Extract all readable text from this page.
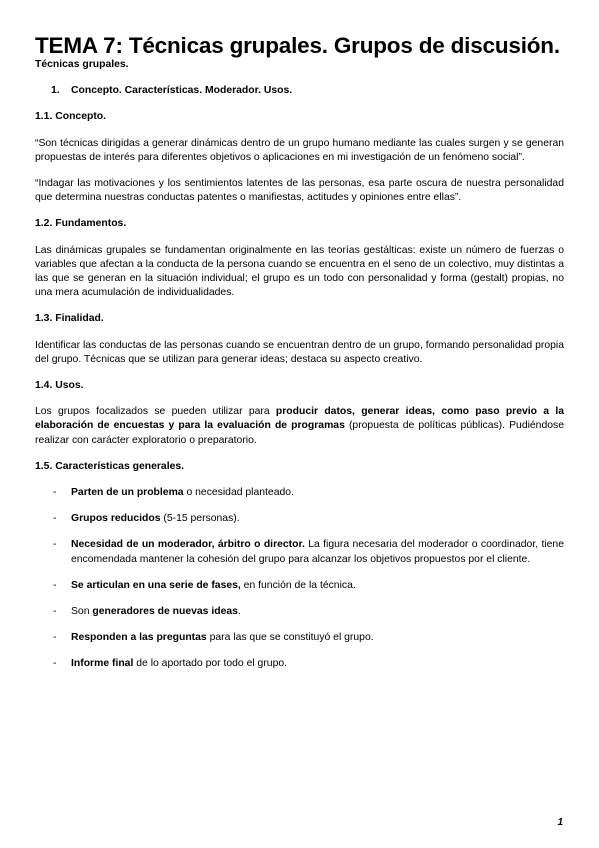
TEMA 7: Técnicas grupales. Grupos de discusión.
Técnicas grupales.
1. Concepto. Características. Moderador. Usos.
1.1. Concepto.

“Son técnicas dirigidas a generar dinámicas dentro de un grupo humano mediante las cuales surgen y se generan propuestas de interés para diferentes objetivos o aplicaciones en mi investigación de un fenómeno social”.

“Indagar las motivaciones y los sentimientos latentes de las personas, esa parte oscura de nuestra personalidad que determina nuestras conductas patentes o manifiestas, actitudes y opiniones entre ellas”.

1.2. Fundamentos.

Las dinámicas grupales se fundamentan originalmente en las teorías gestálticas: existe un número de fuerzas o variables que afectan a la conducta de la persona cuando se encuentra en el seno de un colectivo, muy distintas a las que se generan en la situación individual; el grupo es un todo con personalidad y forma (gestalt) propias, no una mera acumulación de individualidades.

1.3. Finalidad.

Identificar las conductas de las personas cuando se encuentran dentro de un grupo, formando personalidad propia del grupo. Técnicas que se utilizan para generar ideas; destaca su aspecto creativo.

1.4. Usos.

Los grupos focalizados se pueden utilizar para producir datos, generar ideas, como paso previo a la elaboración de encuestas y para la evaluación de programas (propuesta de políticas públicas). Pudiéndose realizar con carácter exploratorio o preparatorio.

1.5. Características generales.
- Parten de un problema o necesidad planteado.
- Grupos reducidos (5-15 personas).
- Necesidad de un moderador, árbitro o director. La figura necesaria del moderador o coordinador, tiene encomendada mantener la cohesión del grupo para alcanzar los objetivos propuestos por el cliente.
- Se articulan en una serie de fases, en función de la técnica.
- Son generadores de nuevas ideas.
- Responden a las preguntas para las que se constituyó el grupo.
- Informe final de lo aportado por todo el grupo.
1
